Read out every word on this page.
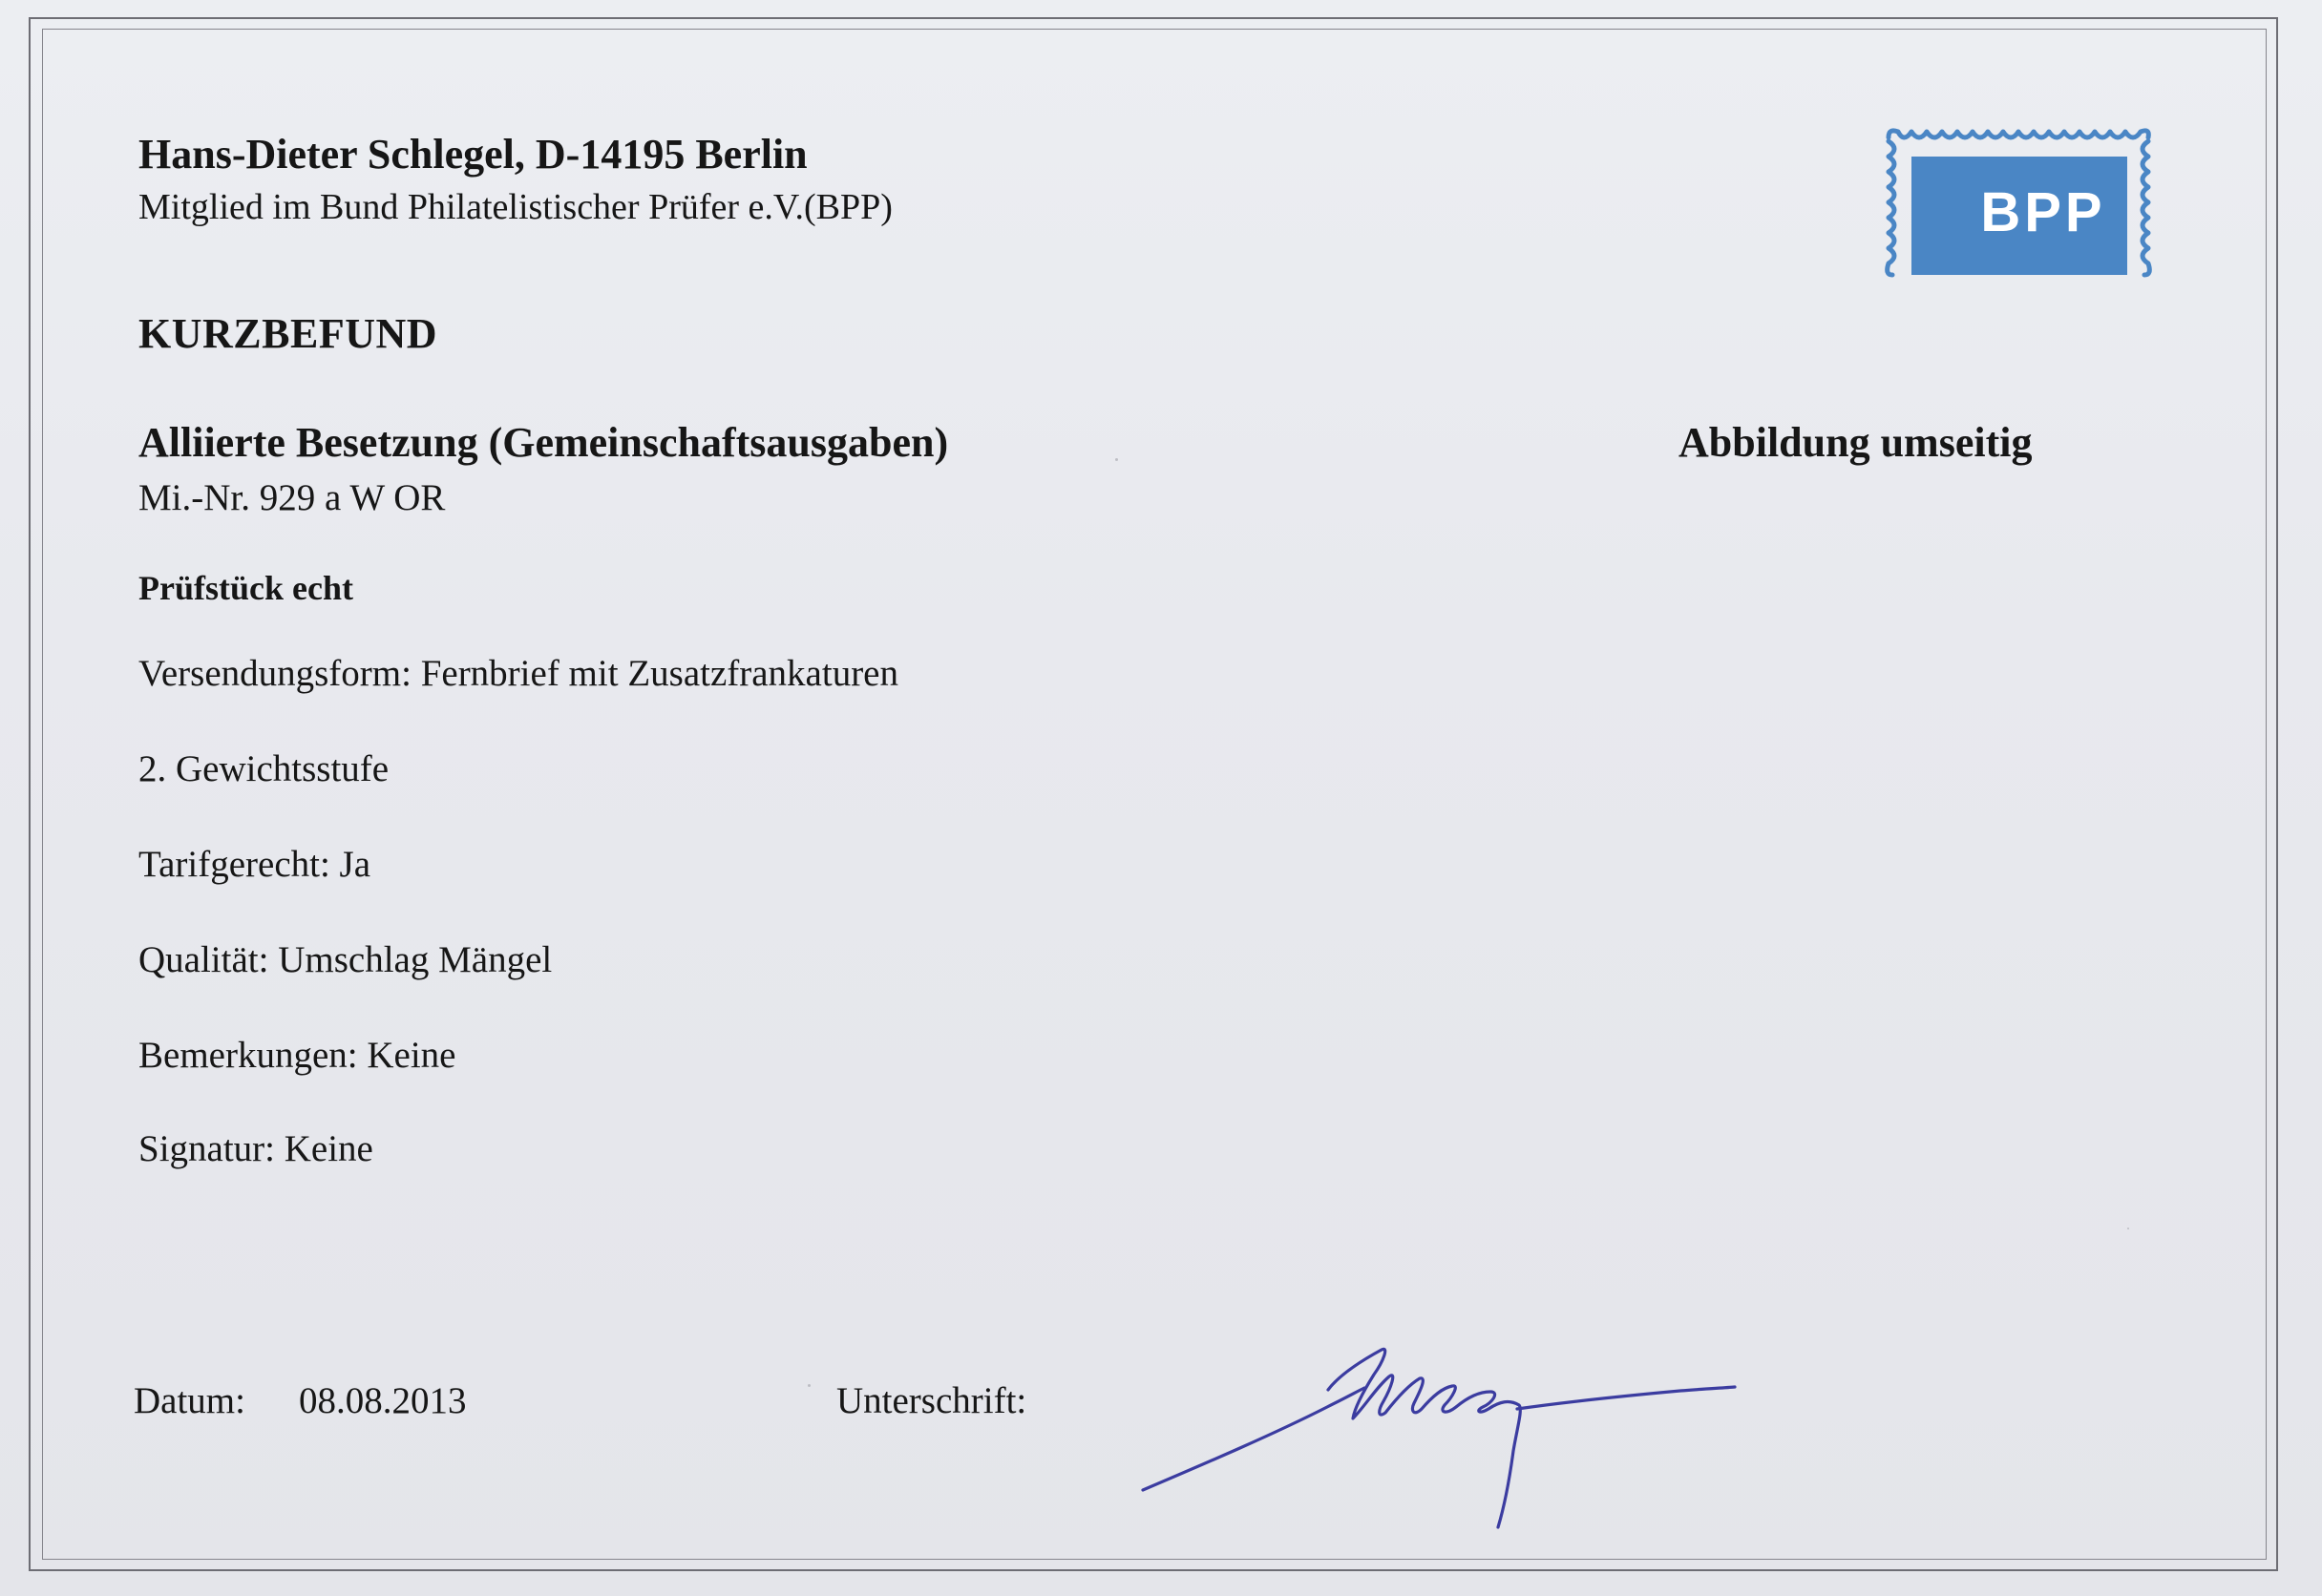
Hans-Dieter Schlegel, D-14195 Berlin
Mitglied im Bund Philatelistischer Prüfer e.V.(BPP)	BPP
KURZBEFUND
Alliierte Besetzung (Gemeinschaftsausgaben)
Mi.-Nr. 929 a W OR
Abbildung umseitig
Prüfstück echt
Versendungsform: Fernbrief mit Zusatzfrankaturen
2. Gewichtsstufe
Tarifgerecht: Ja
Qualität: Umschlag Mängel
Bemerkungen: Keine
Signatur: Keine
Datum: 08.08.2013	Unterschrift:
